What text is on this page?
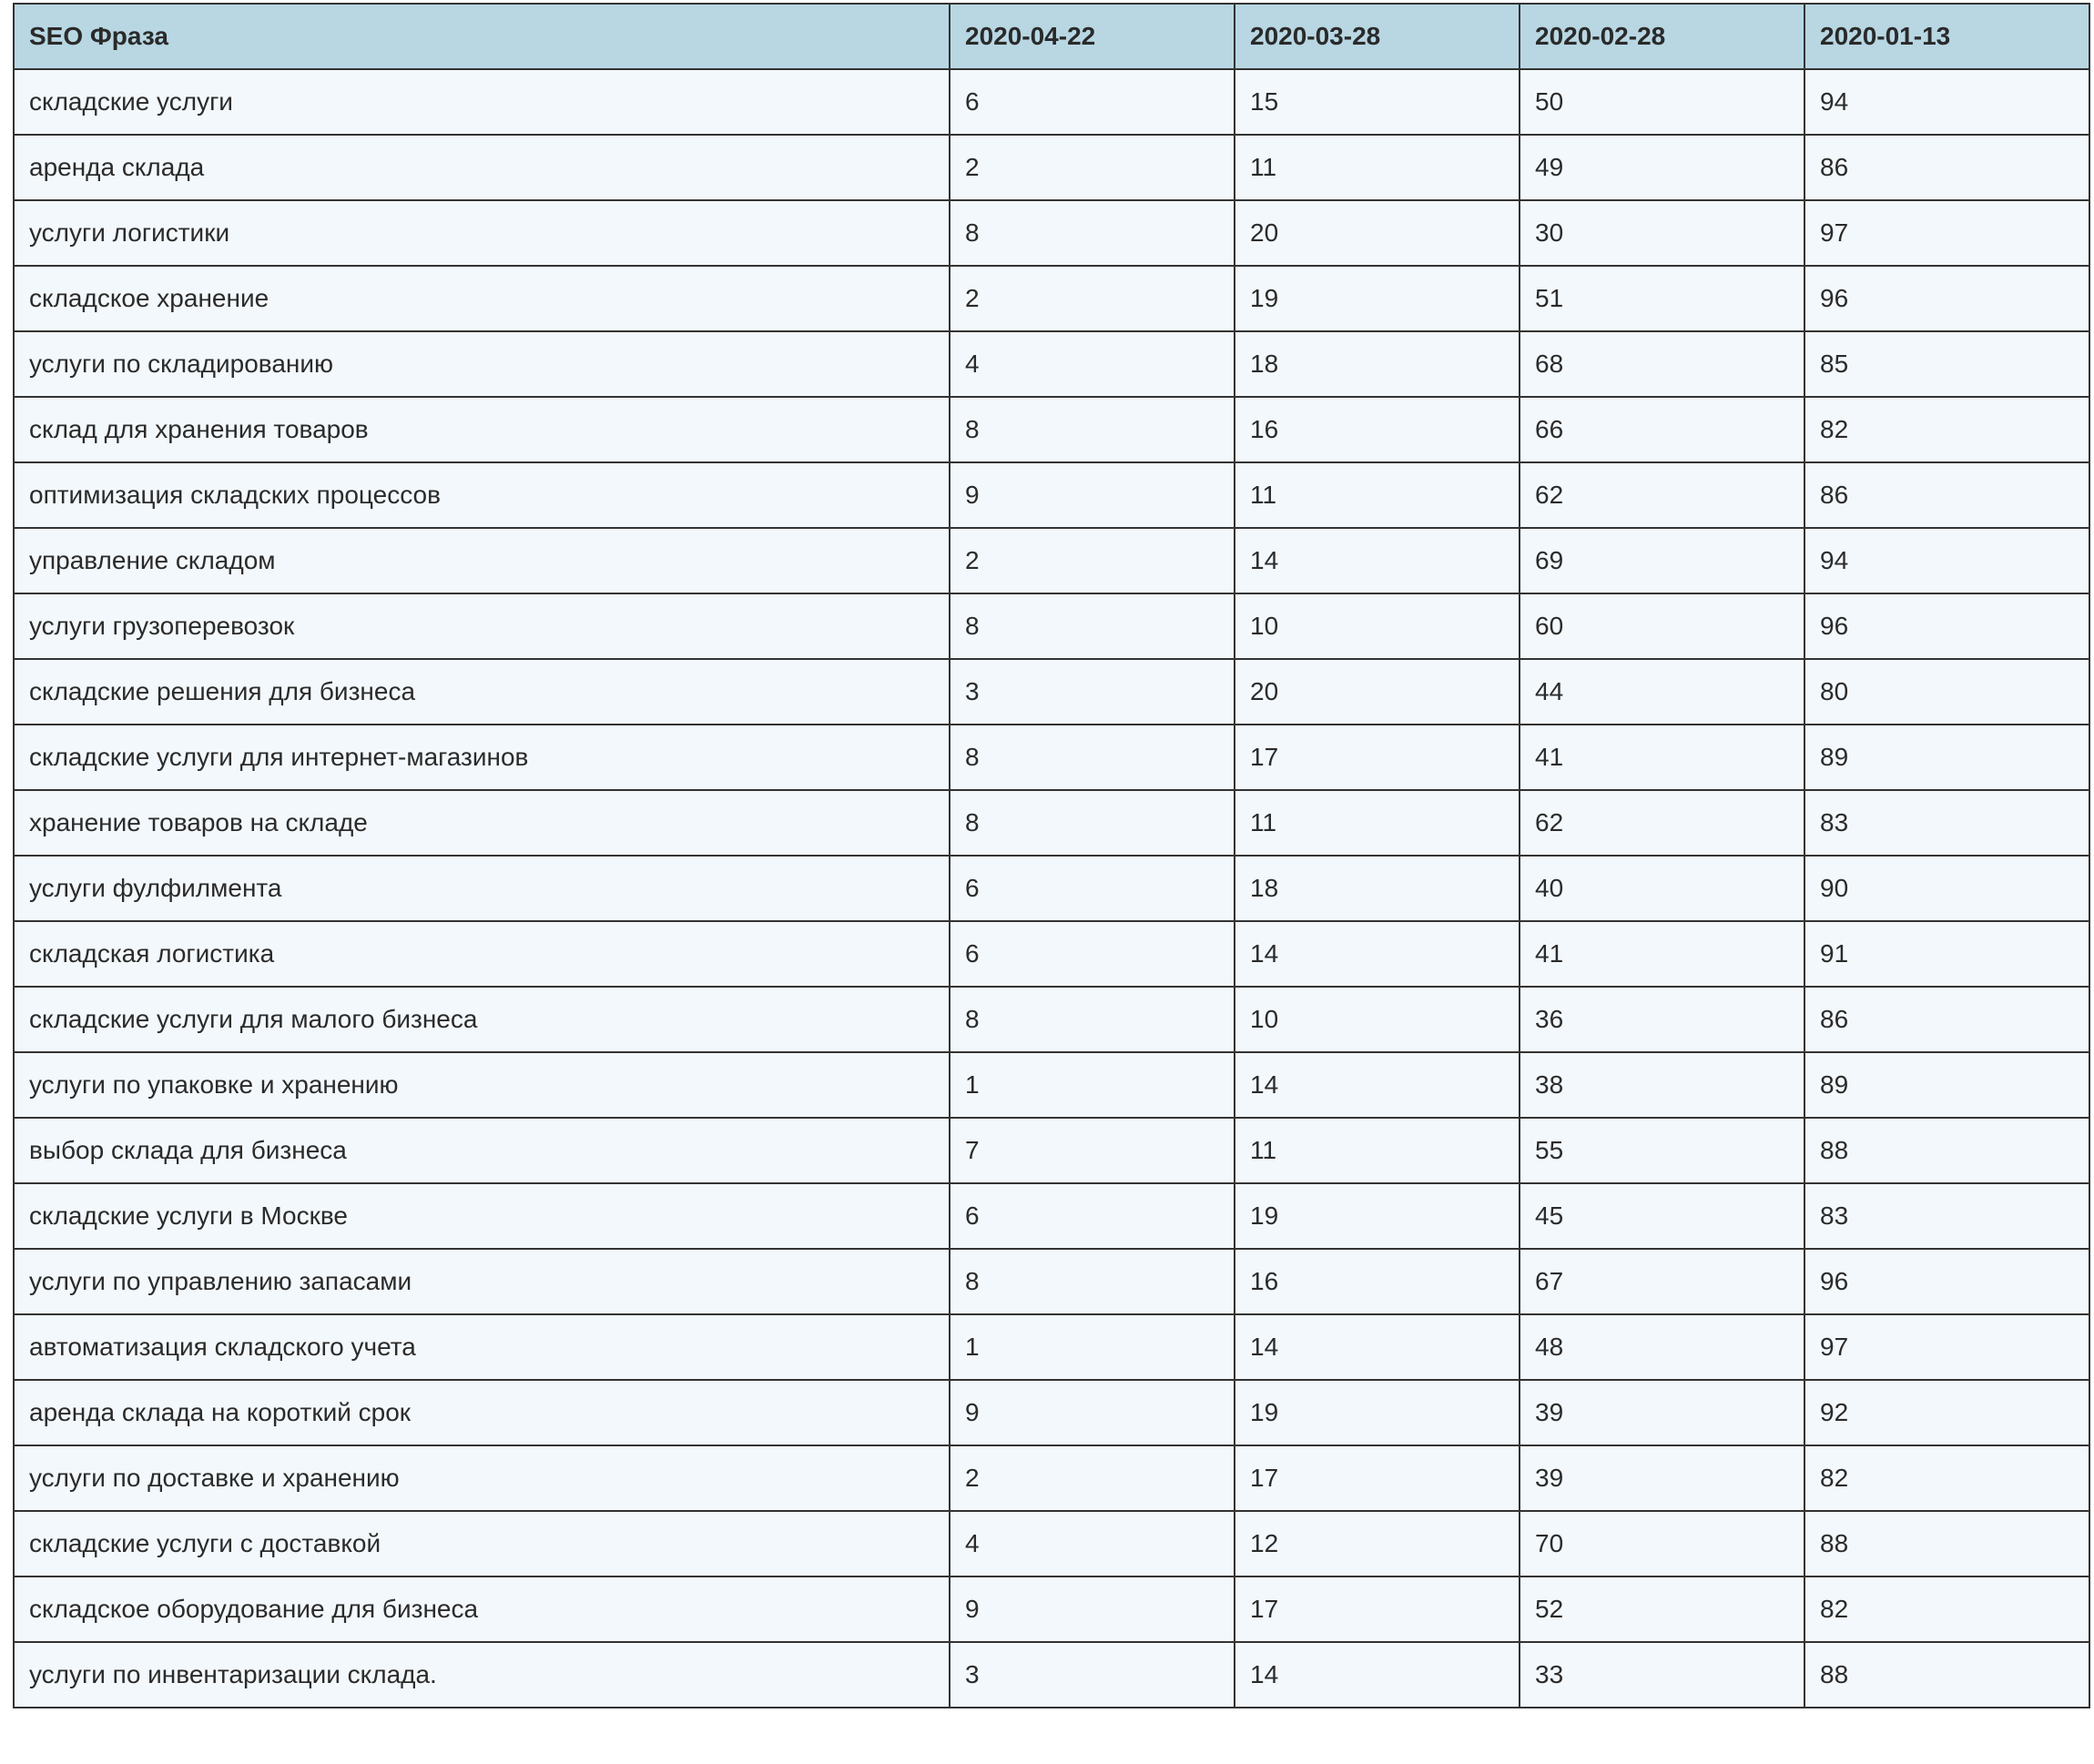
SEO Фраза	2020-04-22	2020-03-28	2020-02-28	2020-01-13
складские услуги	6	15	50	94
аренда склада	2	11	49	86
услуги логистики	8	20	30	97
складское хранение	2	19	51	96
услуги по складированию	4	18	68	85
склад для хранения товаров	8	16	66	82
оптимизация складских процессов	9	11	62	86
управление складом	2	14	69	94
услуги грузоперевозок	8	10	60	96
складские решения для бизнеса	3	20	44	80
складские услуги для интернет-магазинов	8	17	41	89
хранение товаров на складе	8	11	62	83
услуги фулфилмента	6	18	40	90
складская логистика	6	14	41	91
складские услуги для малого бизнеса	8	10	36	86
услуги по упаковке и хранению	1	14	38	89
выбор склада для бизнеса	7	11	55	88
складские услуги в Москве	6	19	45	83
услуги по управлению запасами	8	16	67	96
автоматизация складского учета	1	14	48	97
аренда склада на короткий срок	9	19	39	92
услуги по доставке и хранению	2	17	39	82
складские услуги с доставкой	4	12	70	88
складское оборудование для бизнеса	9	17	52	82
услуги по инвентаризации склада.	3	14	33	88
